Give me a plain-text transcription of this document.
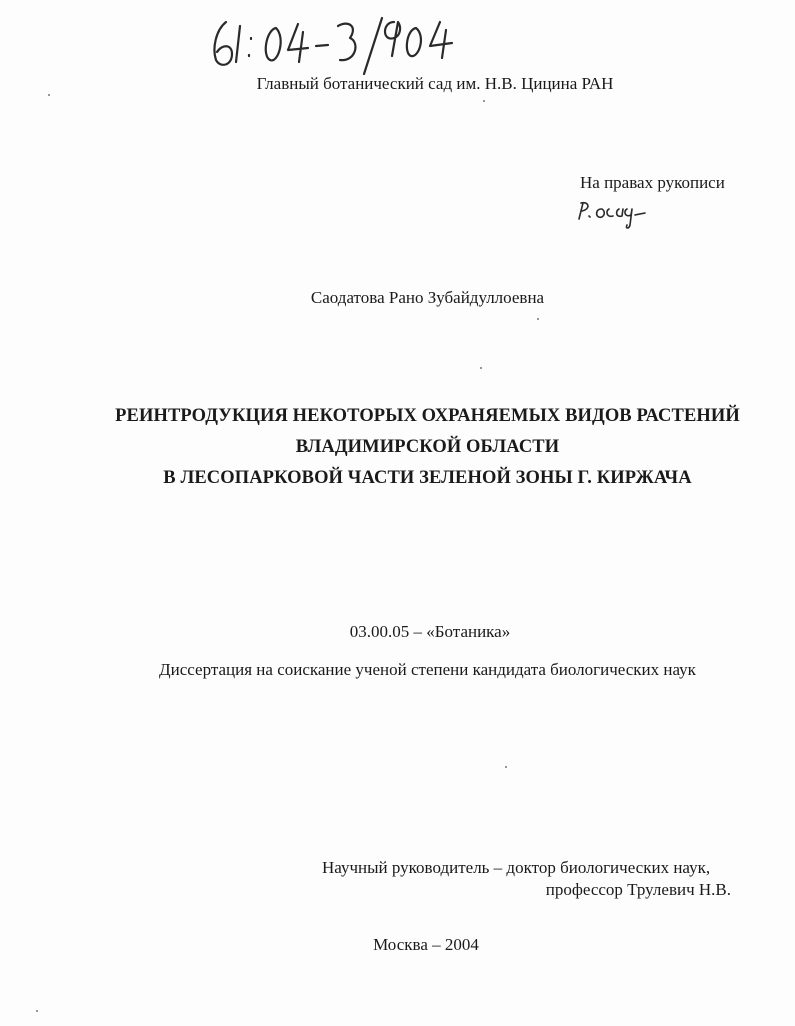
Главный ботанический сад им. Н.В. Цицина РАН
На правах рукописи
Саодатова Рано Зубайдуллоевна
РЕИНТРОДУКЦИЯ НЕКОТОРЫХ ОХРАНЯЕМЫХ ВИДОВ РАСТЕНИЙ
ВЛАДИМИРСКОЙ ОБЛАСТИ
В ЛЕСОПАРКОВОЙ ЧАСТИ ЗЕЛЕНОЙ ЗОНЫ Г. КИРЖАЧА
03.00.05 – «Ботаника»
Диссертация на соискание ученой степени кандидата биологических наук
Научный руководитель – доктор биологических наук,
профессор Трулевич Н.В.
Москва – 2004
